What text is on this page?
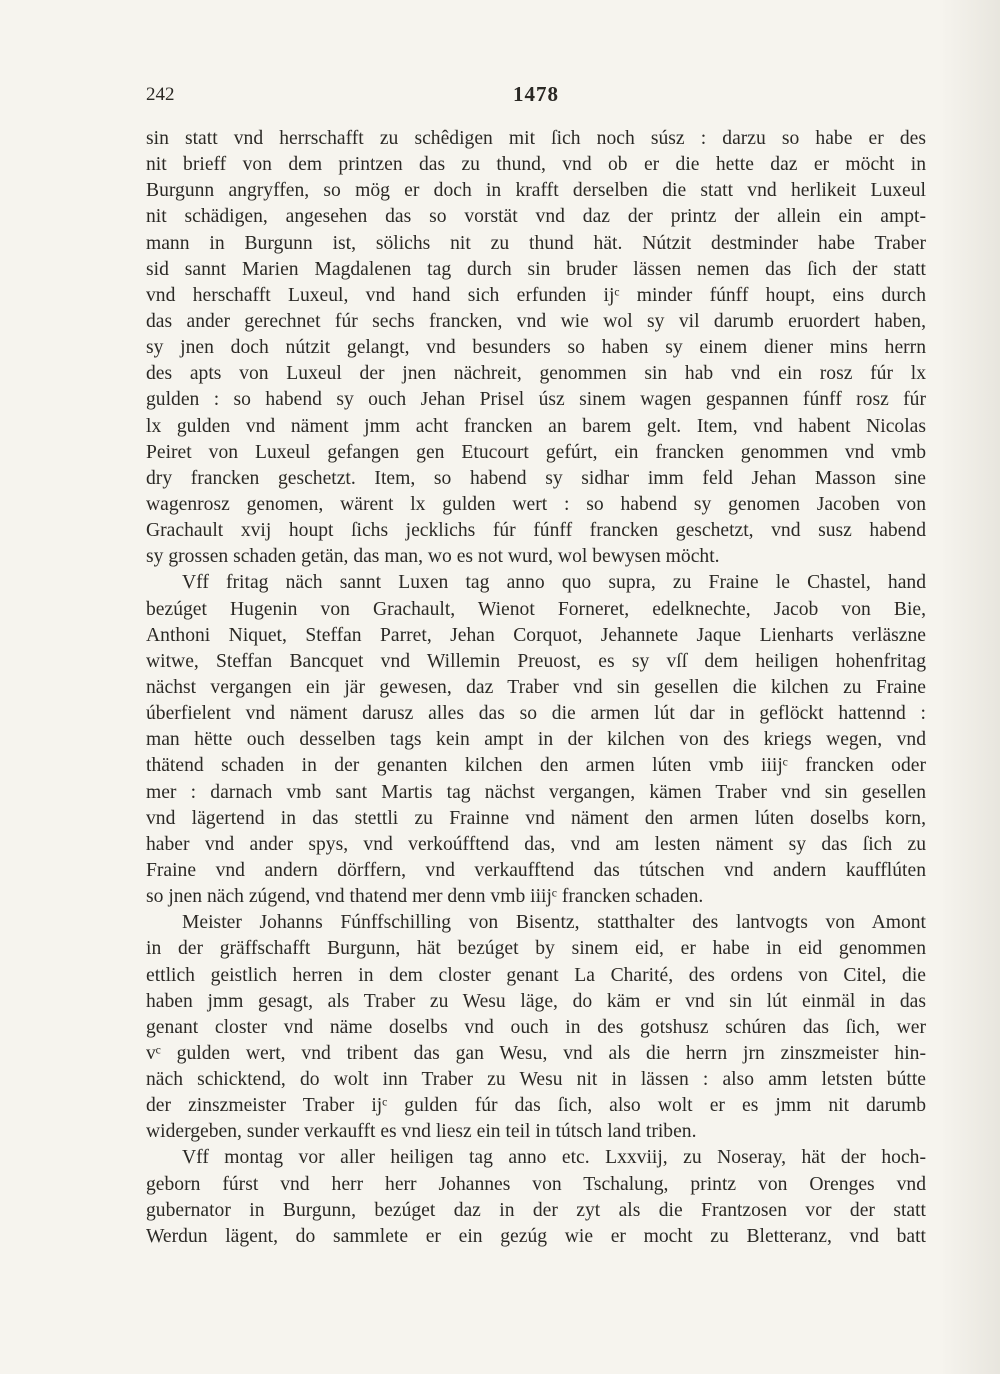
242	1478
sin statt vnd herrschafft zu schêdigen mit ſich noch súsz : darzu so habe er des
nit brieff von dem printzen das zu thund, vnd ob er die hette daz er möcht in
Burgunn angryffen, so mög er doch in krafft derselben die statt vnd herlikeit Luxeul
nit schädigen, angesehen das so vorstät vnd daz der printz der allein ein ampt-
mann in Burgunn ist, sölichs nit zu thund hät. Nútzit destminder habe Traber
sid sannt Marien Magdalenen tag durch sin bruder lässen nemen das ſich der statt
vnd herschafft Luxeul, vnd hand sich erfunden ijᶜ minder fúnff houpt, eins durch
das ander gerechnet fúr sechs francken, vnd wie wol sy vil darumb eruordert haben,
sy jnen doch nútzit gelangt, vnd besunders so haben sy einem diener mins herrn
des apts von Luxeul der jnen nächreit, genommen sin hab vnd ein rosz fúr lx
gulden : so habend sy ouch Jehan Prisel úsz sinem wagen gespannen fúnff rosz fúr
lx gulden vnd näment jmm acht francken an barem gelt. Item, vnd habent Nicolas
Peiret von Luxeul gefangen gen Etucourt gefúrt, ein francken genommen vnd vmb
dry francken geschetzt. Item, so habend sy sidhar imm feld Jehan Masson sine
wagenrosz genomen, wärent lx gulden wert : so habend sy genomen Jacoben von
Grachault xvij houpt ſichs jecklichs fúr fúnff francken geschetzt, vnd susz habend
sy grossen schaden getän, das man, wo es not wurd, wol bewysen möcht.
Vff fritag näch sannt Luxen tag anno quo supra, zu Fraine le Chastel, hand
bezúget Hugenin von Grachault, Wienot Forneret, edelknechte, Jacob von Bie,
Anthoni Niquet, Steffan Parret, Jehan Corquot, Jehannete Jaque Lienharts verläszne
witwe, Steffan Bancquet vnd Willemin Preuost, es sy vſſ dem heiligen hohenfritag
nächst vergangen ein jär gewesen, daz Traber vnd sin gesellen die kilchen zu Fraine
úberfielent vnd näment darusz alles das so die armen lút dar in geflöckt hattennd :
man hëtte ouch desselben tags kein ampt in der kilchen von des kriegs wegen, vnd
thätend schaden in der genanten kilchen den armen lúten vmb iiijᶜ francken oder
mer : darnach vmb sant Martis tag nächst vergangen, kämen Traber vnd sin gesellen
vnd lägertend in das stettli zu Frainne vnd näment den armen lúten doselbs korn,
haber vnd ander spys, vnd verkoúfftend das, vnd am lesten näment sy das ſich zu
Fraine vnd andern dörffern, vnd verkaufftend das tútschen vnd andern kaufflúten
so jnen näch zúgend, vnd thatend mer denn vmb iiijᶜ francken schaden.
Meister Johanns Fúnffschilling von Bisentz, statthalter des lantvogts von Amont
in der gräffschafft Burgunn, hät bezúget by sinem eid, er habe in eid genommen
ettlich geistlich herren in dem closter genant La Charité, des ordens von Citel, die
haben jmm gesagt, als Traber zu Wesu läge, do käm er vnd sin lút einmäl in das
genant closter vnd näme doselbs vnd ouch in des gotshusz schúren das ſich, wer
vᶜ gulden wert, vnd tribent das gan Wesu, vnd als die herrn jrn zinszmeister hin-
näch schicktend, do wolt inn Traber zu Wesu nit in lässen : also amm letsten bútte
der zinszmeister Traber ijᶜ gulden fúr das ſich, also wolt er es jmm nit darumb
widergeben, sunder verkaufft es vnd liesz ein teil in tútsch land triben.
Vff montag vor aller heiligen tag anno etc. Lxxviij, zu Noseray, hät der hoch-
geborn fúrst vnd herr herr Johannes von Tschalung, printz von Orenges vnd
gubernator in Burgunn, bezúget daz in der zyt als die Frantzosen vor der statt
Werdun lägent, do sammlete er ein gezúg wie er mocht zu Bletteranz, vnd batt
